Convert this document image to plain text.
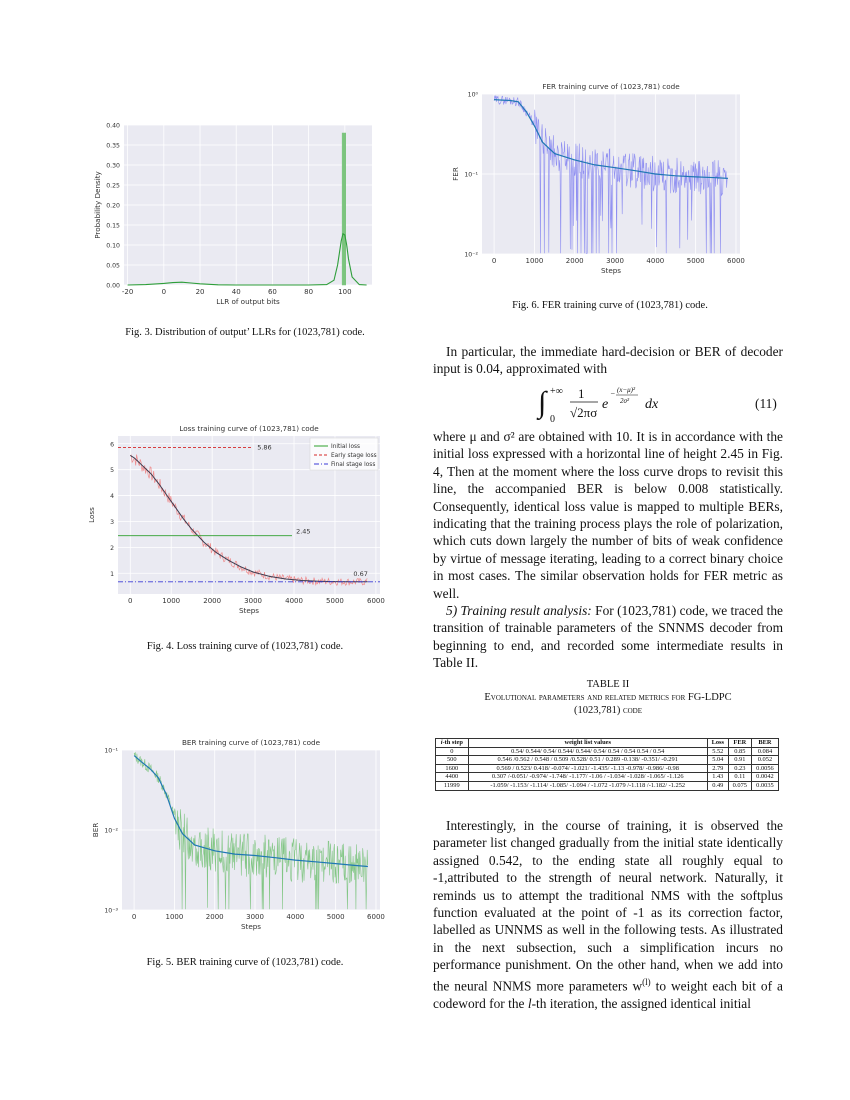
-20	0	20	40	60	80	100
0.00
0.05
0.10
0.15
0.20
0.25
0.30
0.35
0.40
LLR of output bits
Probability Density
Fig. 3. Distribution of output’ LLRs for (1023,781) code.
0	1000	2000	3000	4000	5000	6000
1
2
3
4
5
6
Loss training curve of (1023,781) code
Steps
Loss
2.45
5.86
0.67
Initial loss
Early stage loss
Final stage loss
Fig. 4. Loss training curve of (1023,781) code.
0	1000	2000	3000	4000	5000	6000
10⁻¹
10⁻²
10⁻³
BER training curve of (1023,781) code
Steps
BER
Fig. 5. BER training curve of (1023,781) code.
0	1000	2000	3000	4000	5000	6000
10⁰
10⁻¹
10⁻²
FER training curve of (1023,781) code
Steps
FER
Fig. 6. FER training curve of (1023,781) code.

In particular, the immediate hard-decision or BER of decoder input is 0.04, approximated with

∫ +∞
0
1
√2πσ
e
− (x−μ)²
2σ² dx	(11)

where μ and σ² are obtained with 10. It is in accordance with the initial loss expressed with a horizontal line of height 2.45 in Fig. 4, Then at the moment where the loss curve drops to revisit this line, the accompanied BER is below 0.008 statistically. Consequently, identical loss value is mapped to multiple BERs, indicating that the training process plays the role of polarization, which cuts down largely the number of bits of weak confidence by virtue of message iterating, leading to a correct binary choice in most cases. The similar observation holds for FER metric as well.

5) Training result analysis: For (1023,781) code, we traced the transition of trainable parameters of the SNNMS decoder from beginning to end, and recorded some intermediate results in Table II.

TABLE II
Evolutional parameters and related metrics for FG-LDPC
(1023,781) code
i-th step	weight list values	Loss	FER	BER
0	0.54/ 0.544/ 0.54/ 0.544/ 0.544/ 0.54/ 0.54 / 0.54 0.54 / 0.54	5.52	0.85	0.084
500	0.546 /0.562 / 0.548 / 0.509 /0.528/ 0.51 / 0.289 -0.138/ -0.351/ -0.291	5.04	0.91	0.052
1600	0.569 / 0.523/ 0.418/ -0.074/ -1.021/ -1.435/ -1.13 -0.978/ -0.986/ -0.98	2.79	0.23	0.0056
4400	0.307 /-0.051/ -0.974/ -1.748/ -1.177/ -1.06 / -1.034/ -1.028/ -1.065/ -1.126	1.43	0.11	0.0042
11999	-1.059/ -1.153/ -1.114/ -1.085/ -1.094 / -1.072 -1.079 /-1.118 /-1.182/ -1.252	0.49	0.075	0.0035

Interestingly, in the course of training, it is observed the parameter list changed gradually from the initial state identically assigned 0.542, to the ending state all roughly equal to -1,attributed to the strength of neural network. Naturally, it reminds us to attempt the traditional NMS with the softplus function evaluated at the point of -1 as its correction factor, labelled as UNNMS as well in the following tests. As illustrated in the next subsection, such a simplification incurs no performance punishment. On the other hand, when we add into the neural NNMS more parameters $w^{(l)}$ to weight each bit of a codeword for the l-th iteration, the assigned identical initial
